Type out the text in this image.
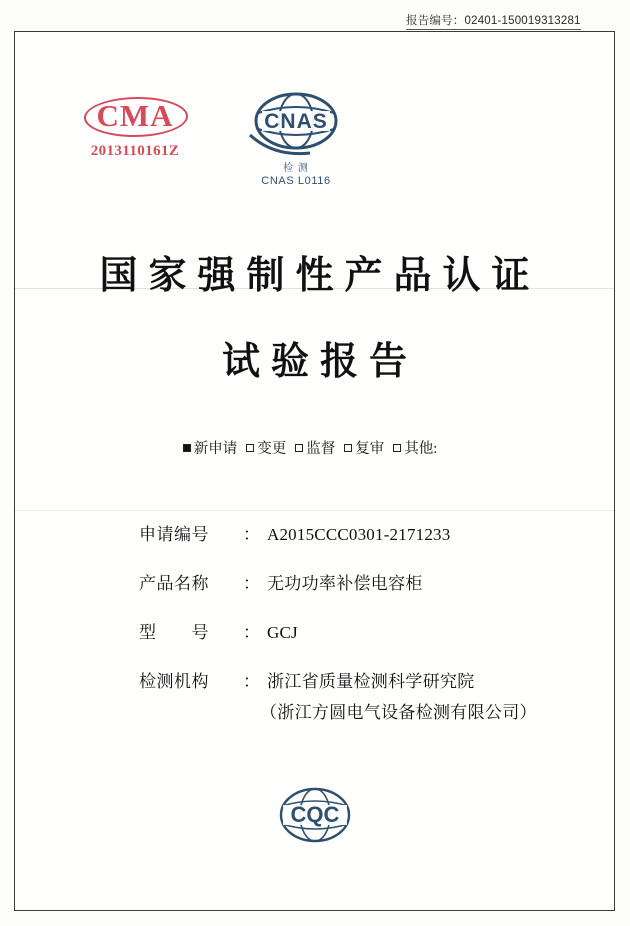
报告编号：02401-150019313281
CMA
2013110161Z
CNAS
检 测
CNAS L0116
国家强制性产品认证
试验报告
新申请 变更 监督 复审 其他:
申请编号	： A2015CCC0301-2171233
产品名称	： 无功功率补偿电容柜
型　　号	： GCJ
检测机构	： 浙江省质量检测科学研究院
（浙江方圆电气设备检测有限公司）
CQC
